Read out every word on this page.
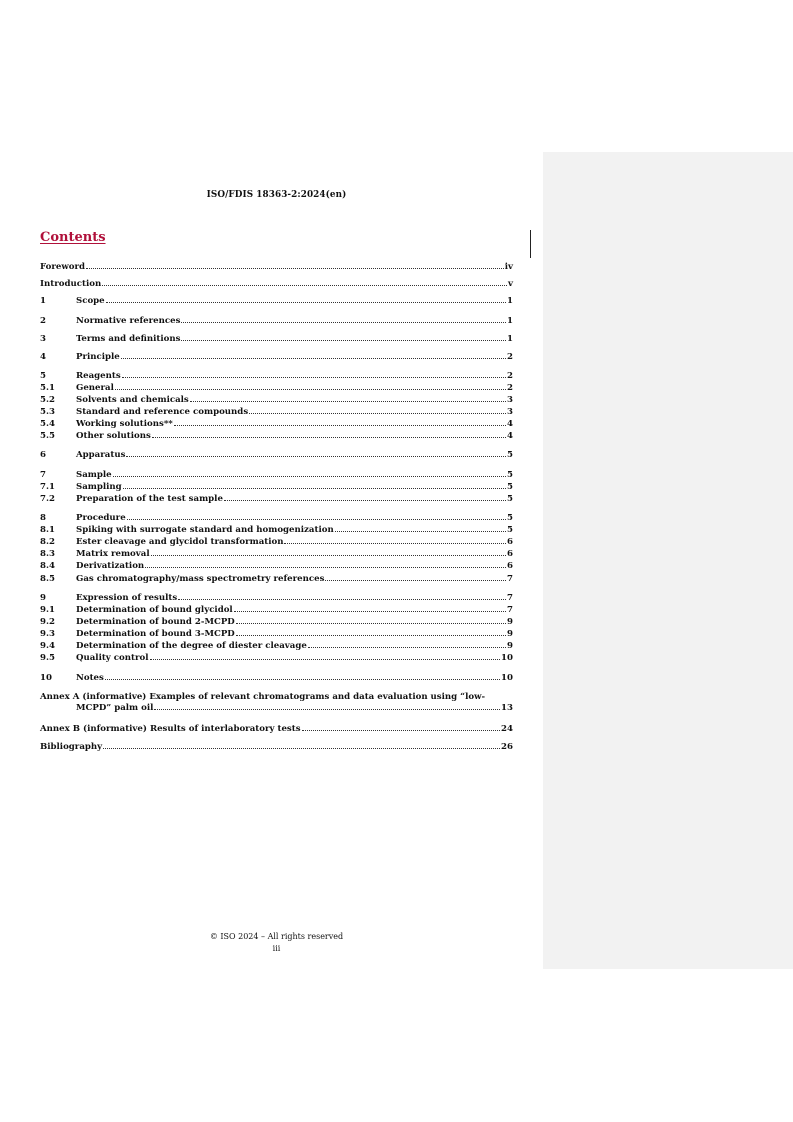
ISO/FDIS 18363-2:2024(en)
Contents
Foreword	iv
Introduction	v
1	Scope	1
2	Normative references	1
3	Terms and definitions	1
4	Principle	2
5	Reagents	2
5.1	General	2
5.2	Solvents and chemicals	3
5.3	Standard and reference compounds	3
5.4	Working solutions**	4
5.5	Other solutions	4
6	Apparatus	5
7	Sample	5
7.1	Sampling	5
7.2	Preparation of the test sample	5
8	Procedure	5
8.1	Spiking with surrogate standard and homogenization	5
8.2	Ester cleavage and glycidol transformation	6
8.3	Matrix removal	6
8.4	Derivatization	6
8.5	Gas chromatography/mass spectrometry references	7
9	Expression of results	7
9.1	Determination of bound glycidol	7
9.2	Determination of bound 2-MCPD	9
9.3	Determination of bound 3-MCPD	9
9.4	Determination of the degree of diester cleavage	9
9.5	Quality control	10
10	Notes	10
Annex A (informative) Examples of relevant chromatograms and data evaluation using “low-
MCPD” palm oil	13
Annex B (informative) Results of interlaboratory tests	24
Bibliography	26
© ISO 2024 – All rights reserved
iii
